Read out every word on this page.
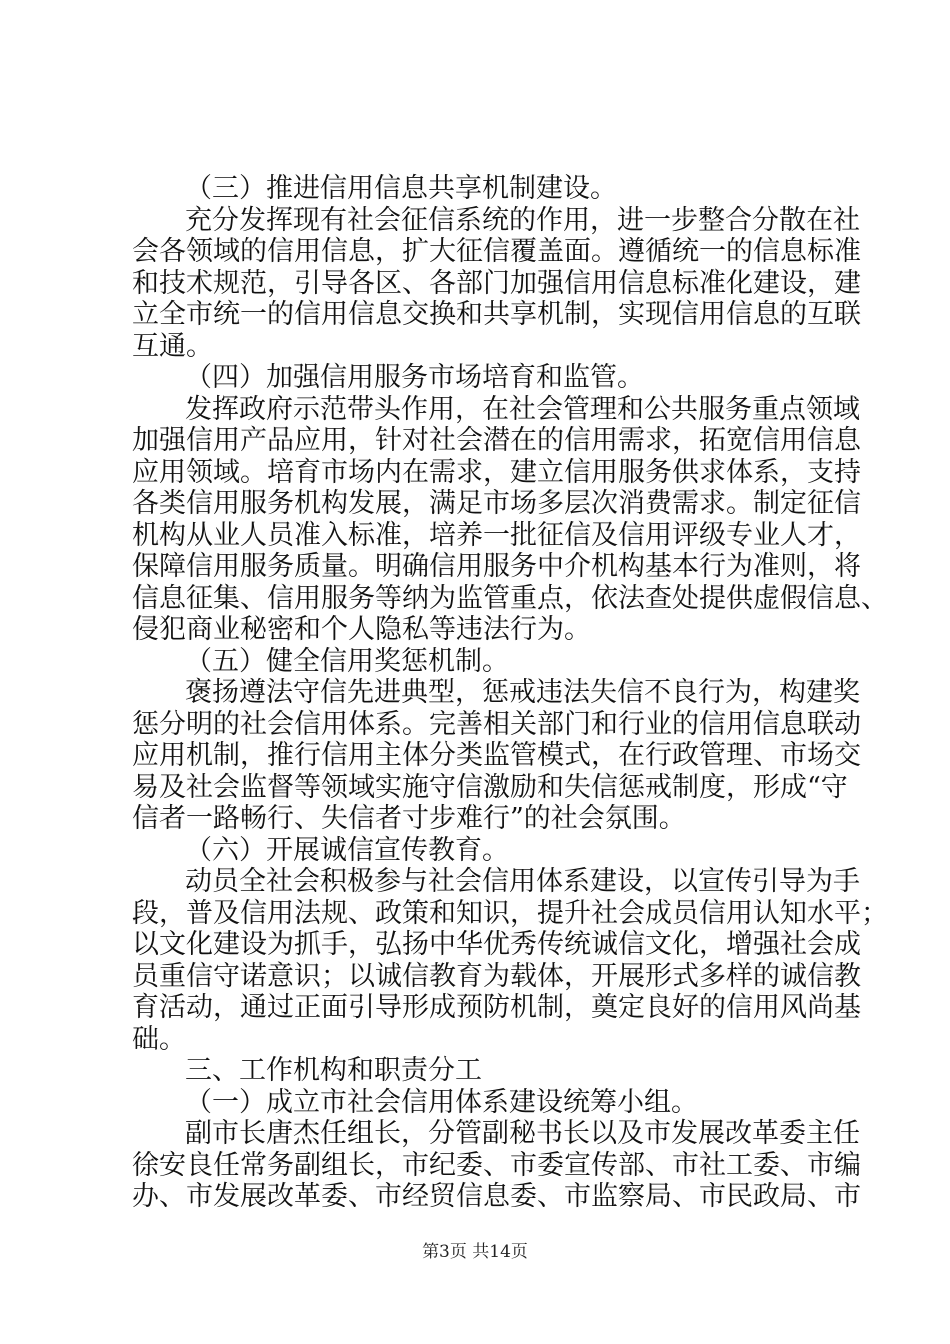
（三）推进信用信息共享机制建设。
充分发挥现有社会征信系统的作用，进一步整合分散在社
会各领域的信用信息，扩大征信覆盖面。遵循统一的信息标准
和技术规范，引导各区、各部门加强信用信息标准化建设，建
立全市统一的信用信息交换和共享机制，实现信用信息的互联
互通。
（四）加强信用服务市场培育和监管。
发挥政府示范带头作用，在社会管理和公共服务重点领域
加强信用产品应用，针对社会潜在的信用需求，拓宽信用信息
应用领域。培育市场内在需求，建立信用服务供求体系，支持
各类信用服务机构发展，满足市场多层次消费需求。制定征信
机构从业人员准入标准，培养一批征信及信用评级专业人才，
保障信用服务质量。明确信用服务中介机构基本行为准则，将
信息征集、信用服务等纳为监管重点，依法查处提供虚假信息、
侵犯商业秘密和个人隐私等违法行为。
（五）健全信用奖惩机制。
褒扬遵法守信先进典型，惩戒违法失信不良行为，构建奖
惩分明的社会信用体系。完善相关部门和行业的信用信息联动
应用机制，推行信用主体分类监管模式，在行政管理、市场交
易及社会监督等领域实施守信激励和失信惩戒制度，形成“守
信者一路畅行、失信者寸步难行”的社会氛围。
（六）开展诚信宣传教育。
动员全社会积极参与社会信用体系建设，以宣传引导为手
段，普及信用法规、政策和知识，提升社会成员信用认知水平；
以文化建设为抓手，弘扬中华优秀传统诚信文化，增强社会成
员重信守诺意识；以诚信教育为载体，开展形式多样的诚信教
育活动，通过正面引导形成预防机制，奠定良好的信用风尚基
础。
三、工作机构和职责分工
（一）成立市社会信用体系建设统筹小组。
副市长唐杰任组长，分管副秘书长以及市发展改革委主任
徐安良任常务副组长，市纪委、市委宣传部、市社工委、市编
办、市发展改革委、市经贸信息委、市监察局、市民政局、市
第3页 共14页
